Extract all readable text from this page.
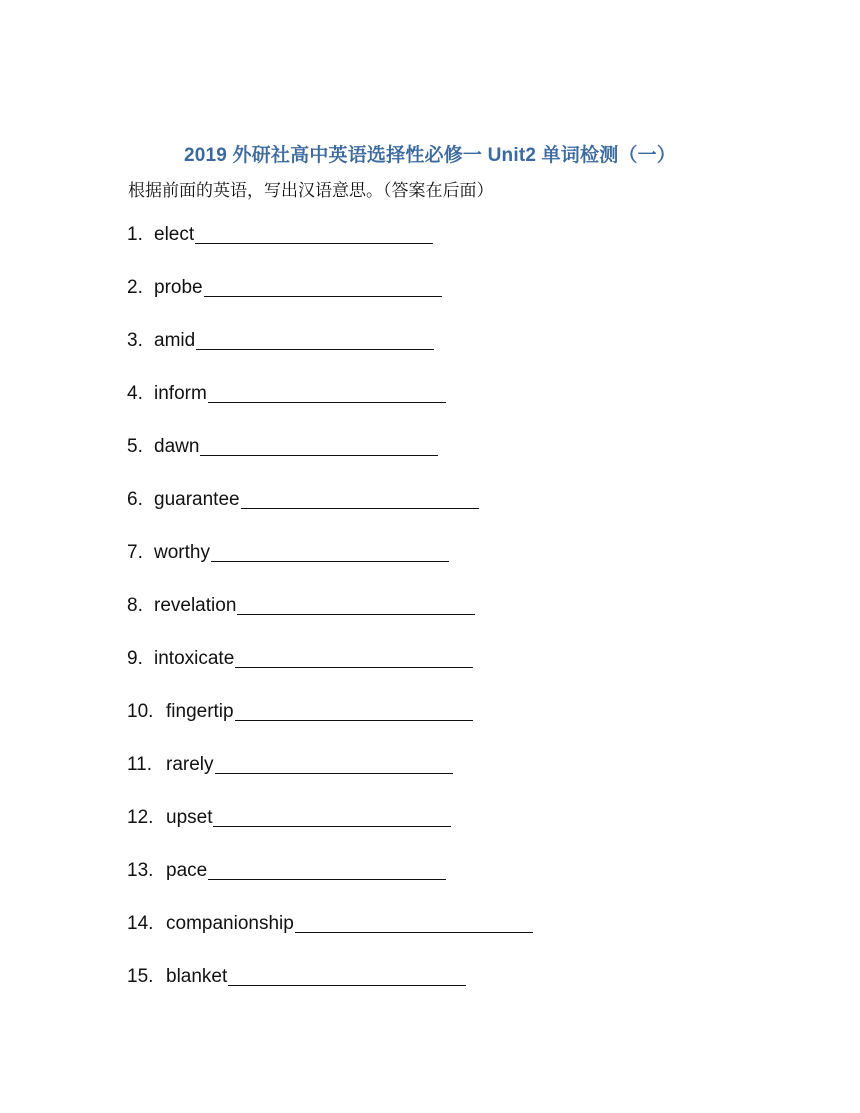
2019 外研社高中英语选择性必修一 Unit2 单词检测（一）
根据前面的英语，写出汉语意思。（答案在后面）
1. elect
2. probe
3. amid
4. inform
5. dawn
6. guarantee
7. worthy
8. revelation
9. intoxicate
10. fingertip
11. rarely
12. upset
13. pace
14. companionship
15. blanket
